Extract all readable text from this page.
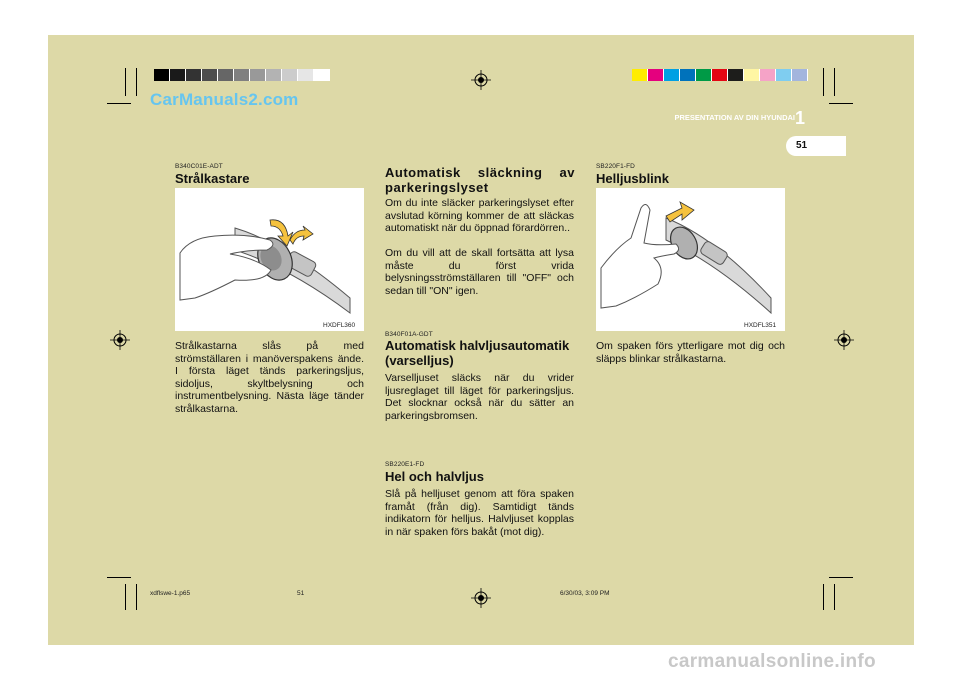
CarManuals2.com
PRESENTATION AV DIN HYUNDAI 1
51
B340C01E-ADT
Strålkastare
HXDFL360

Strålkastarna slås på med strömställaren i manöverspakens ände. I första läget tänds parkeringsljus, sidoljus, skyltbelysning och instrumentbelysning. Nästa läge tänder strålkastarna.

Automatisk släckning av parkeringslyset

Om du inte släcker parkeringslyset efter avslutad körning kommer de att släckas automatiskt när du öppnad förardörren..

Om du vill att de skall fortsätta att lysa måste du först vrida belysningsströmställaren till "OFF" och sedan till "ON" igen.

B340F01A-GDT
Automatisk halvljusautomatik (varselljus)

Varselljuset släcks när du vrider ljusreglaget till läget för parkeringsljus. Det slocknar också när du sätter an parkeringsbromsen.

SB220E1-FD
Hel och halvljus

Slå på helljuset genom att föra spaken framåt (från dig). Samtidigt tänds indikatorn för helljus. Halvljuset kopplas in när spaken förs bakåt (mot dig).

SB220F1-FD
Helljusblink
HXDFL351

Om spaken förs ytterligare mot dig och släpps blinkar strålkastarna.

xdflswe-1.p65	51	6/30/03, 3:09 PM
carmanualsonline.info
